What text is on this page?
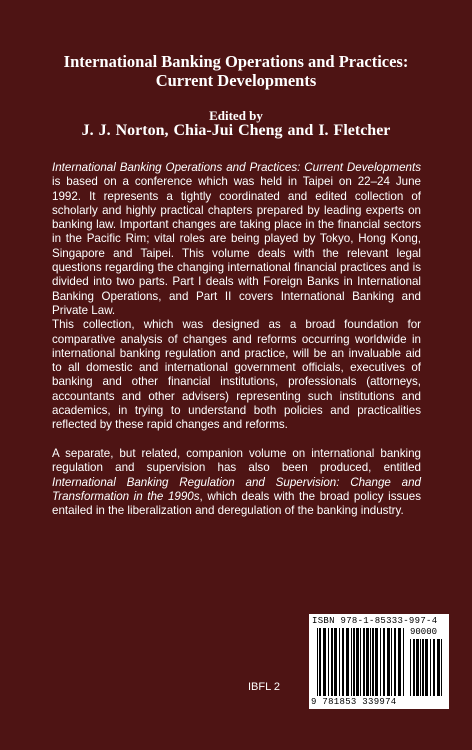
International Banking Operations and Practices:
Current Developments

Edited by

J. J. Norton, Chia-Jui Cheng and I. Fletcher

International Banking Operations and Practices: Current Developments is based on a conference which was held in Taipei on 22–24 June 1992. It represents a tightly coordinated and edited collection of scholarly and highly practical chapters prepared by leading experts on banking law. Important changes are taking place in the financial sectors in the Pacific Rim; vital roles are being played by Tokyo, Hong Kong, Singapore and Taipei. This volume deals with the relevant legal questions regarding the changing international financial practices and is divided into two parts. Part I deals with Foreign Banks in International Banking Operations, and Part II covers International Banking and Private Law.

This collection, which was designed as a broad foundation for comparative analysis of changes and reforms occurring worldwide in international banking regulation and practice, will be an invaluable aid to all domestic and international government officials, executives of banking and other financial institutions, professionals (attorneys, accountants and other advisers) representing such institutions and academics, in trying to understand both policies and practicalities reflected by these rapid changes and reforms.

A separate, but related, companion volume on international banking regulation and supervision has also been produced, entitled International Banking Regulation and Supervision: Change and Transformation in the 1990s, which deals with the broad policy issues entailed in the liberalization and deregulation of the banking industry.

ISBN 978-1-85333-997-4
90000
9 781853 339974

IBFL 2
